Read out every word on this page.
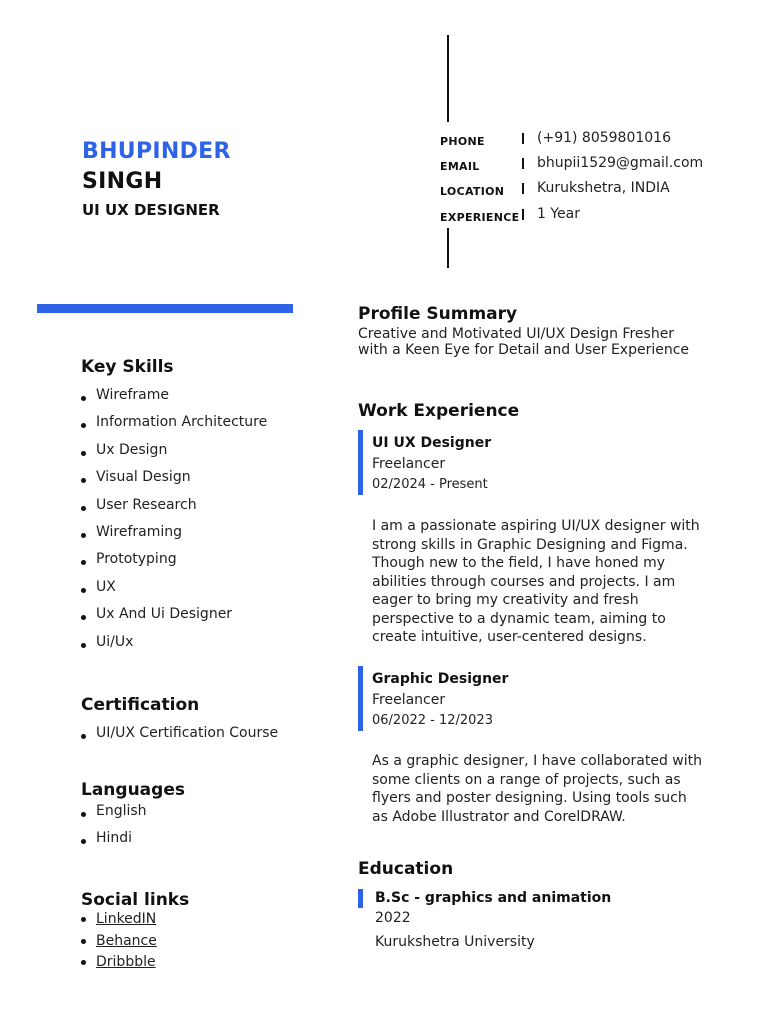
BHUPINDER
SINGH
UI UX DESIGNER
PHONE	(+91) 8059801016
EMAIL	bhupii1529@gmail.com
LOCATION Kurukshetra, INDIA
EXPERIENCE 1 Year
Key Skills
Wireframe
Information Architecture
Ux Design
Visual Design
User Research
Wireframing
Prototyping
UX
Ux And Ui Designer
Ui/Ux
Certification
UI/UX Certification Course
Languages
English
Hindi
Social links
LinkedIN
Behance
Dribbble
Profile Summary
Creative and Motivated UI/UX Design Fresher
with a Keen Eye for Detail and User Experience
Work Experience
UI UX Designer
Freelancer
02/2024 - Present
I am a passionate aspiring UI/UX designer with
strong skills in Graphic Designing and Figma.
Though new to the field, I have honed my
abilities through courses and projects. I am
eager to bring my creativity and fresh
perspective to a dynamic team, aiming to
create intuitive, user-centered designs.
Graphic Designer
Freelancer
06/2022 - 12/2023
As a graphic designer, I have collaborated with
some clients on a range of projects, such as
flyers and poster designing. Using tools such
as Adobe Illustrator and CorelDRAW.
Education
B.Sc - graphics and animation
2022
Kurukshetra University
